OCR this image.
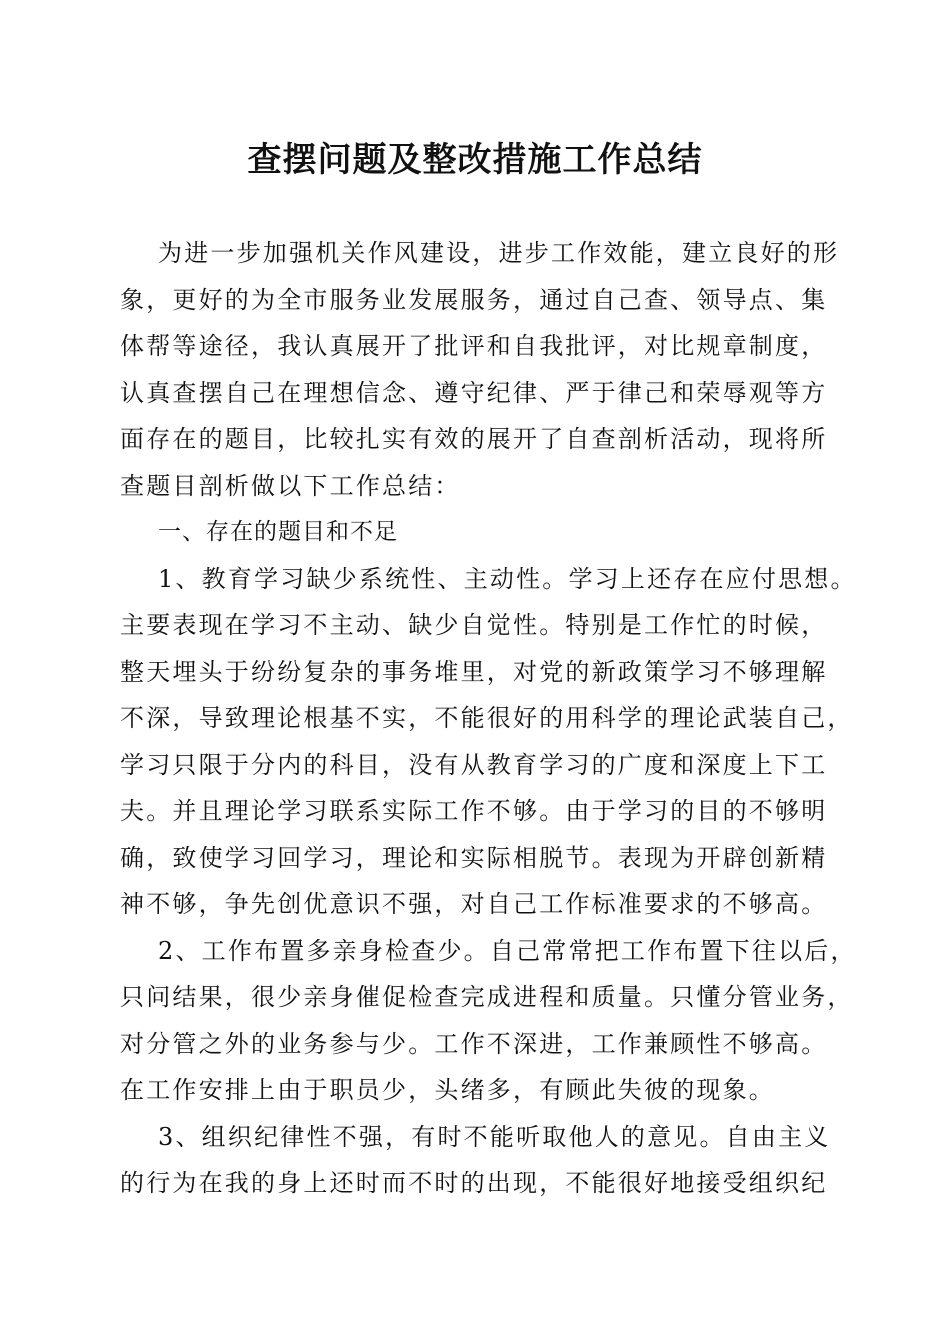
查摆问题及整改措施工作总结
为进一步加强机关作风建设，进步工作效能，建立良好的形
象，更好的为全市服务业发展服务，通过自己查、领导点、集
体帮等途径，我认真展开了批评和自我批评，对比规章制度，
认真查摆自己在理想信念、遵守纪律、严于律己和荣辱观等方
面存在的题目，比较扎实有效的展开了自查剖析活动，现将所
查题目剖析做以下工作总结：
一、存在的题目和不足
1、教育学习缺少系统性、主动性。学习上还存在应付思想。
主要表现在学习不主动、缺少自觉性。特别是工作忙的时候，
整天埋头于纷纷复杂的事务堆里，对党的新政策学习不够理解
不深，导致理论根基不实，不能很好的用科学的理论武装自己，
学习只限于分内的科目，没有从教育学习的广度和深度上下工
夫。并且理论学习联系实际工作不够。由于学习的目的不够明
确，致使学习回学习，理论和实际相脱节。表现为开辟创新精
神不够，争先创优意识不强，对自己工作标准要求的不够高。
2、工作布置多亲身检查少。自己常常把工作布置下往以后，
只问结果，很少亲身催促检查完成进程和质量。只懂分管业务，
对分管之外的业务参与少。工作不深进，工作兼顾性不够高。
在工作安排上由于职员少，头绪多，有顾此失彼的现象。
3、组织纪律性不强，有时不能听取他人的意见。自由主义
的行为在我的身上还时而不时的出现，不能很好地接受组织纪
